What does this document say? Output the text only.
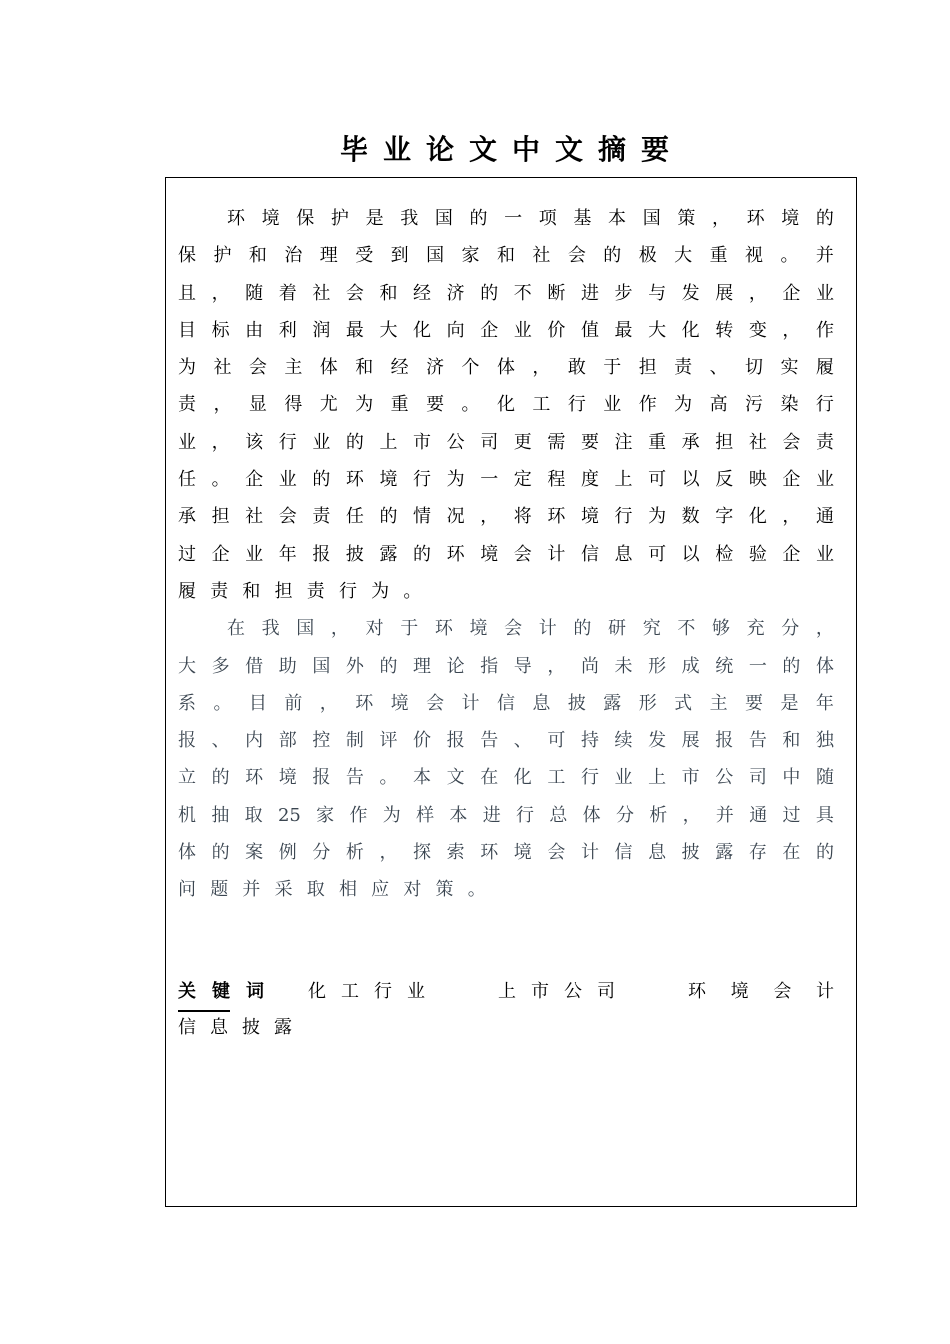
毕业论文中文摘要
环 境 保 护 是 我 国 的 一 项 基 本 国 策 ， 环 境 的
保 护 和 治 理 受 到 国 家 和 社 会 的 极 大 重 视 。 并
且 ， 随 着 社 会 和 经 济 的 不 断 进 步 与 发 展 ， 企 业
目 标 由 利 润 最 大 化 向 企 业 价 值 最 大 化 转 变 ， 作
为 社 会 主 体 和 经 济 个 体 ， 敢 于 担 责 、 切 实 履
责 ， 显 得 尤 为 重 要 。 化 工 行 业 作 为 高 污 染 行
业 ， 该 行 业 的 上 市 公 司 更 需 要 注 重 承 担 社 会 责
任 。 企 业 的 环 境 行 为 一 定 程 度 上 可 以 反 映 企 业
承 担 社 会 责 任 的 情 况 ， 将 环 境 行 为 数 字 化 ， 通
过 企 业 年 报 披 露 的 环 境 会 计 信 息 可 以 检 验 企 业
履 责 和 担 责 行 为 。
在 我 国 ， 对 于 环 境 会 计 的 研 究 不 够 充 分 ，
大 多 借 助 国 外 的 理 论 指 导 ， 尚 未 形 成 统 一 的 体
系 。 目 前 ， 环 境 会 计 信 息 披 露 形 式 主 要 是 年
报 、 内 部 控 制 评 价 报 告 、 可 持 续 发 展 报 告 和 独
立 的 环 境 报 告 。 本 文 在 化 工 行 业 上 市 公 司 中 随
机 抽 取 25 家 作 为 样 本 进 行 总 体 分 析 ， 并 通 过 具
体 的 案 例 分 析 ， 探 索 环 境 会 计 信 息 披 露 存 在 的
问 题 并 采 取 相 应 对 策 。
关键词	化工行业	上市公司	环 境 会 计
信息披露
